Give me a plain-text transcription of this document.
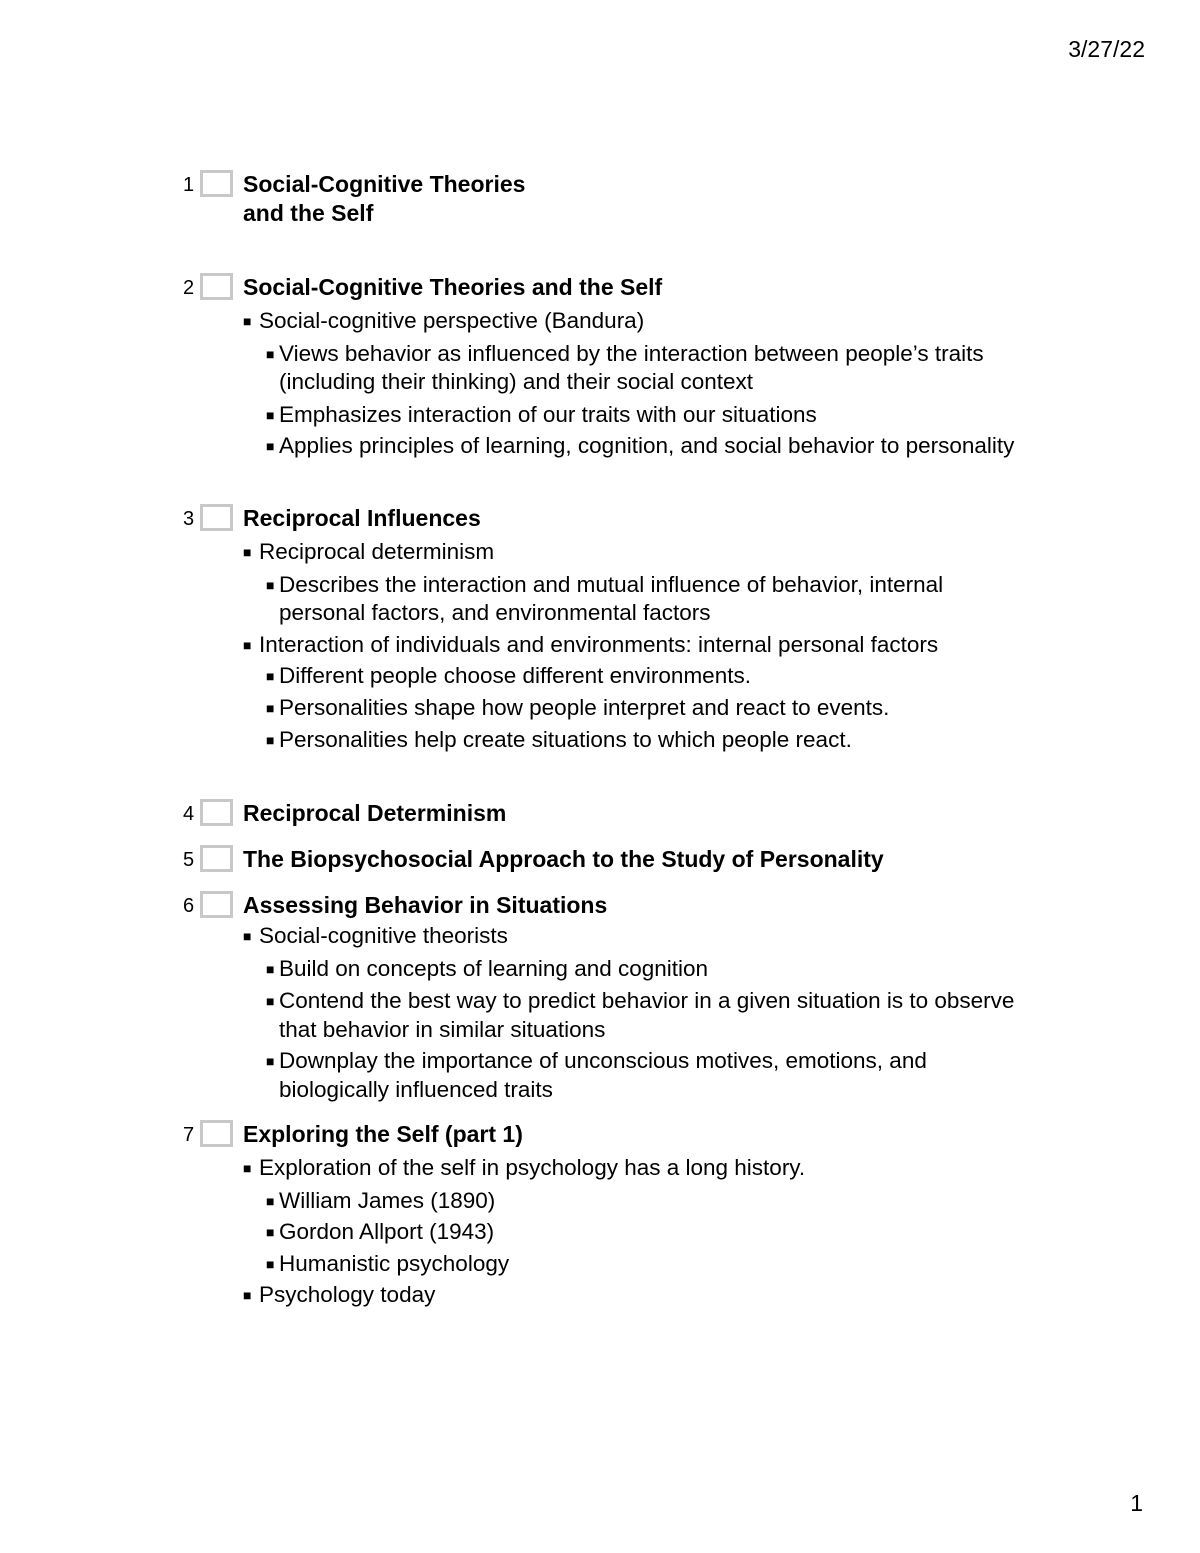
3/27/22
1 Social-Cognitive Theories
and the Self
2 Social-Cognitive Theories and the Self
■ Social-cognitive perspective (Bandura)
■ Views behavior as influenced by the interaction between people’s traits (including their thinking) and their social context
■ Emphasizes interaction of our traits with our situations
■ Applies principles of learning, cognition, and social behavior to personality
3 Reciprocal Influences
■ Reciprocal determinism
■ Describes the interaction and mutual influence of behavior, internal personal factors, and environmental factors
■ Interaction of individuals and environments: internal personal factors
■ Different people choose different environments.
■ Personalities shape how people interpret and react to events.
■ Personalities help create situations to which people react.
4 Reciprocal Determinism
5 The Biopsychosocial Approach to the Study of Personality
6 Assessing Behavior in Situations
■ Social-cognitive theorists
■ Build on concepts of learning and cognition
■ Contend the best way to predict behavior in a given situation is to observe that behavior in similar situations
■ Downplay the importance of unconscious motives, emotions, and biologically influenced traits
7 Exploring the Self (part 1)
■ Exploration of the self in psychology has a long history.
■ William James (1890)
■ Gordon Allport (1943)
■ Humanistic psychology
■ Psychology today
1
